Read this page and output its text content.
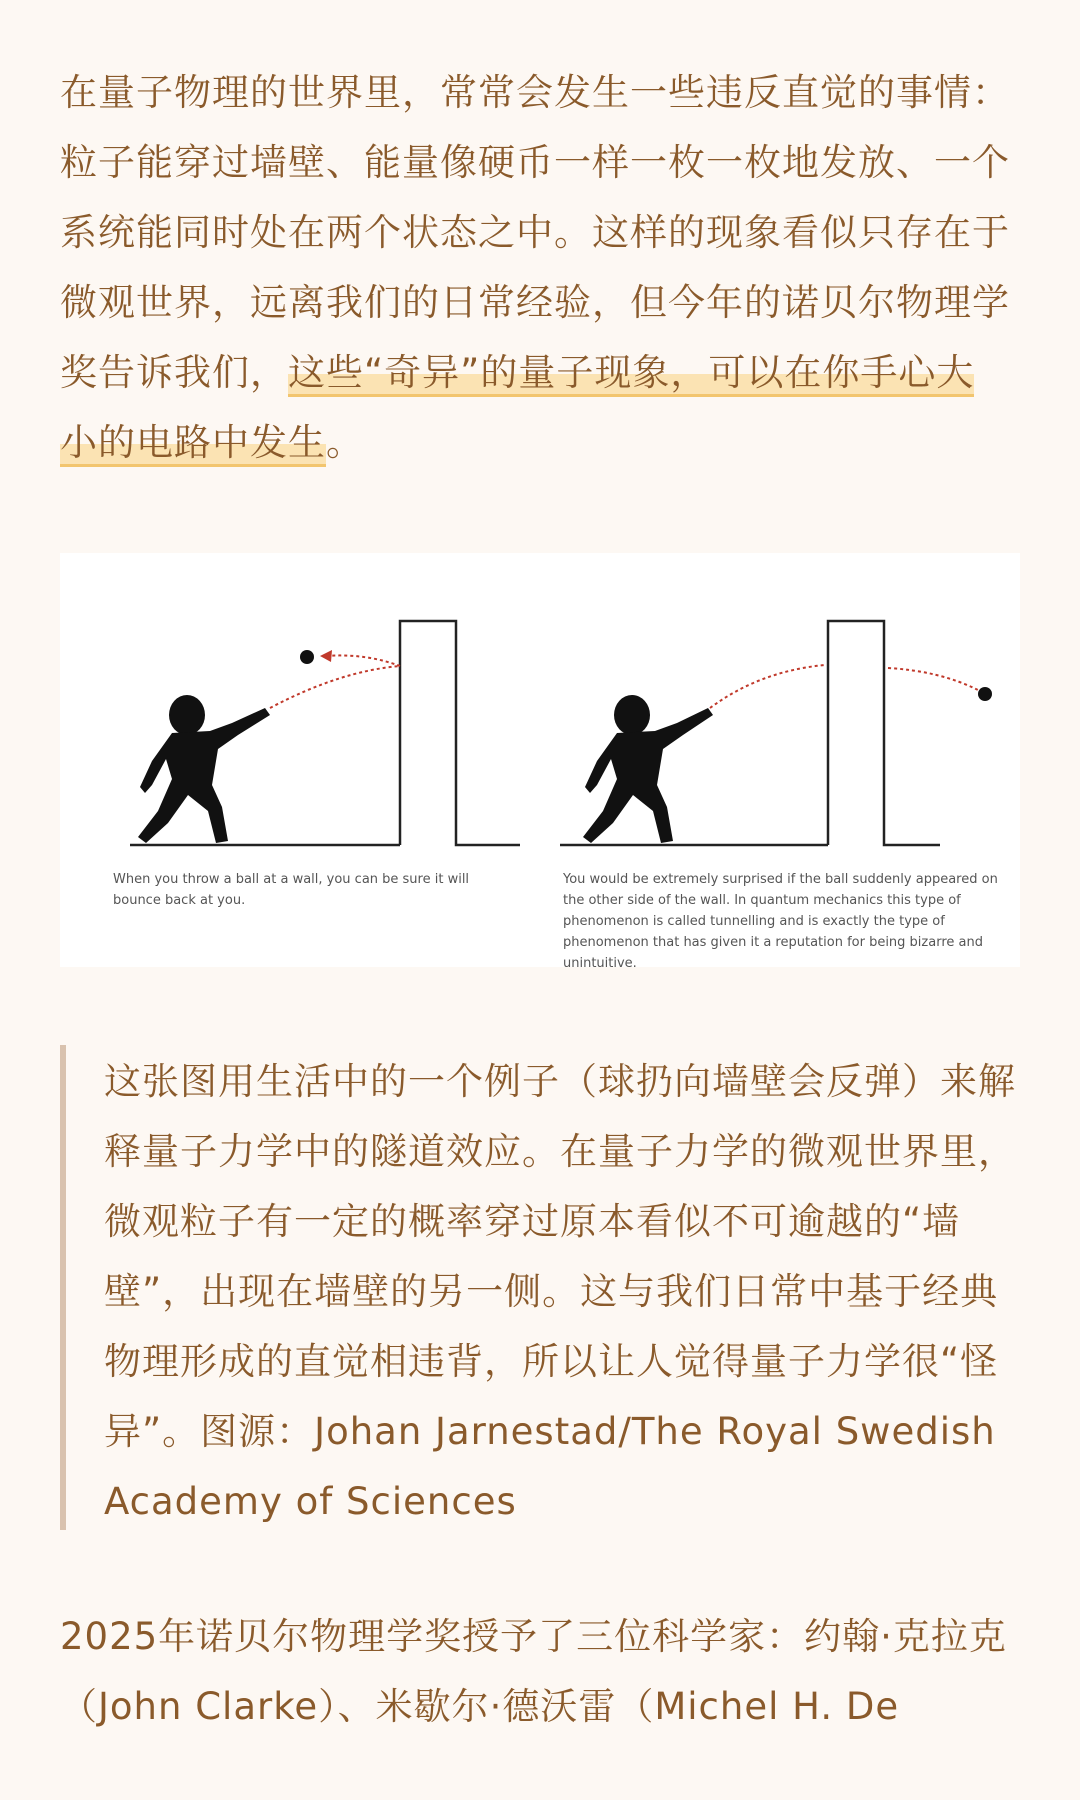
在量子物理的世界里，常常会发生一些违反直觉的事情：粒子能穿过墙壁、能量像硬币一样一枚一枚地发放、一个系统能同时处在两个状态之中。这样的现象看似只存在于微观世界，远离我们的日常经验，但今年的诺贝尔物理学奖告诉我们，这些“奇异”的量子现象，可以在你手心大小的电路中发生。

When you throw a ball at a wall, you can be sure it will bounce back at you.
You would be extremely surprised if the ball suddenly appeared on the other side of the wall. In quantum mechanics this type of phenomenon is called tunnelling and is exactly the type of phenomenon that has given it a reputation for being bizarre and unintuitive.

这张图用生活中的一个例子（球扔向墙壁会反弹）来解释量子力学中的隧道效应。在量子力学的微观世界里，微观粒子有一定的概率穿过原本看似不可逾越的“墙壁”，出现在墙壁的另一侧。这与我们日常中基于经典物理形成的直觉相违背，所以让人觉得量子力学很“怪异”。图源：Johan Jarnestad/The Royal Swedish Academy of Sciences

2025年诺贝尔物理学奖授予了三位科学家：约翰·克拉克（John Clarke）、米歇尔·德沃雷（Michel H. De
